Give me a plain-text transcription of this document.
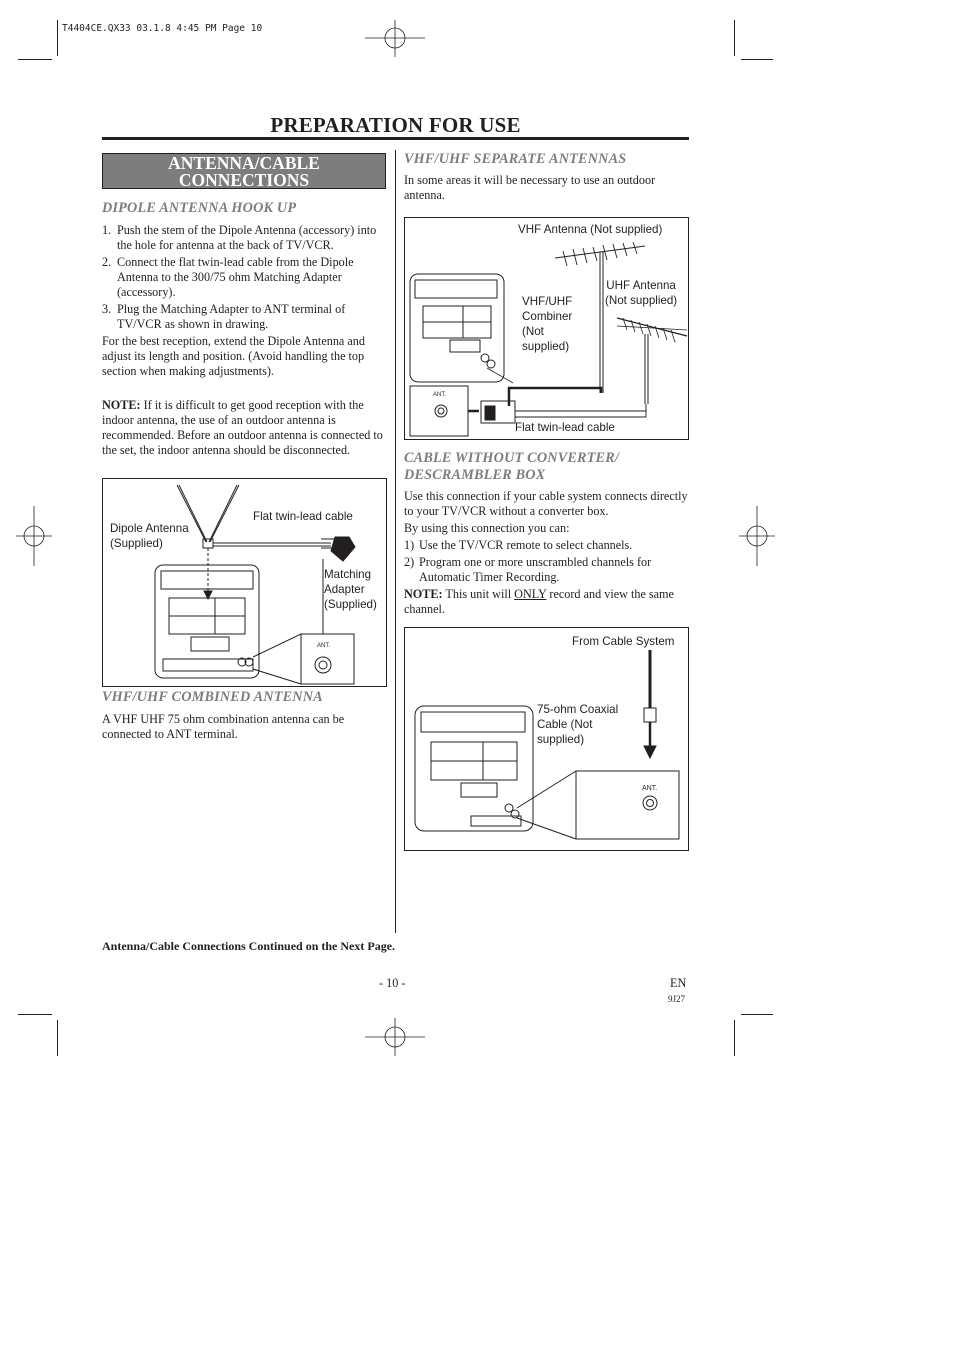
T4404CE.QX33 03.1.8 4:45 PM Page 10
PREPARATION FOR USE
ANTENNA/CABLE
CONNECTIONS
DIPOLE ANTENNA HOOK UP
1. Push the stem of the Dipole Antenna (accessory) into the hole for antenna at the back of TV/VCR.
2. Connect the flat twin-lead cable from the Dipole Antenna to the 300/75 ohm Matching Adapter (accessory).
3. Plug the Matching Adapter to ANT terminal of TV/VCR as shown in drawing.
For the best reception, extend the Dipole Antenna and adjust its length and position. (Avoid handling the top section when making adjustments).
NOTE: If it is difficult to get good reception with the indoor antenna, the use of an outdoor antenna is recommended. Before an outdoor antenna is connected to the set, the indoor antenna should be disconnected.
Dipole Antenna
(Supplied)
Flat twin-lead cable
Matching
Adapter
(Supplied)
ANT.
VHF/UHF COMBINED ANTENNA
A VHF UHF 75 ohm combination antenna can be connected to ANT terminal.
Antenna/Cable Connections Continued on the Next Page.
VHF/UHF SEPARATE ANTENNAS
In some areas it will be necessary to use an outdoor antenna.
VHF Antenna (Not supplied)
UHF Antenna
(Not supplied)
VHF/UHF
Combiner
(Not
supplied)
Flat twin-lead cable
ANT.
CABLE WITHOUT CONVERTER/
DESCRAMBLER BOX
Use this connection if your cable system connects directly to your TV/VCR without a converter box.
By using this connection you can:
1) Use the TV/VCR remote to select channels.
2) Program one or more unscrambled channels for Automatic Timer Recording.
NOTE: This unit will ONLY record and view the same channel.
From Cable System
75-ohm Coaxial
Cable (Not
supplied)
ANT.
- 10 -	EN
9J27
